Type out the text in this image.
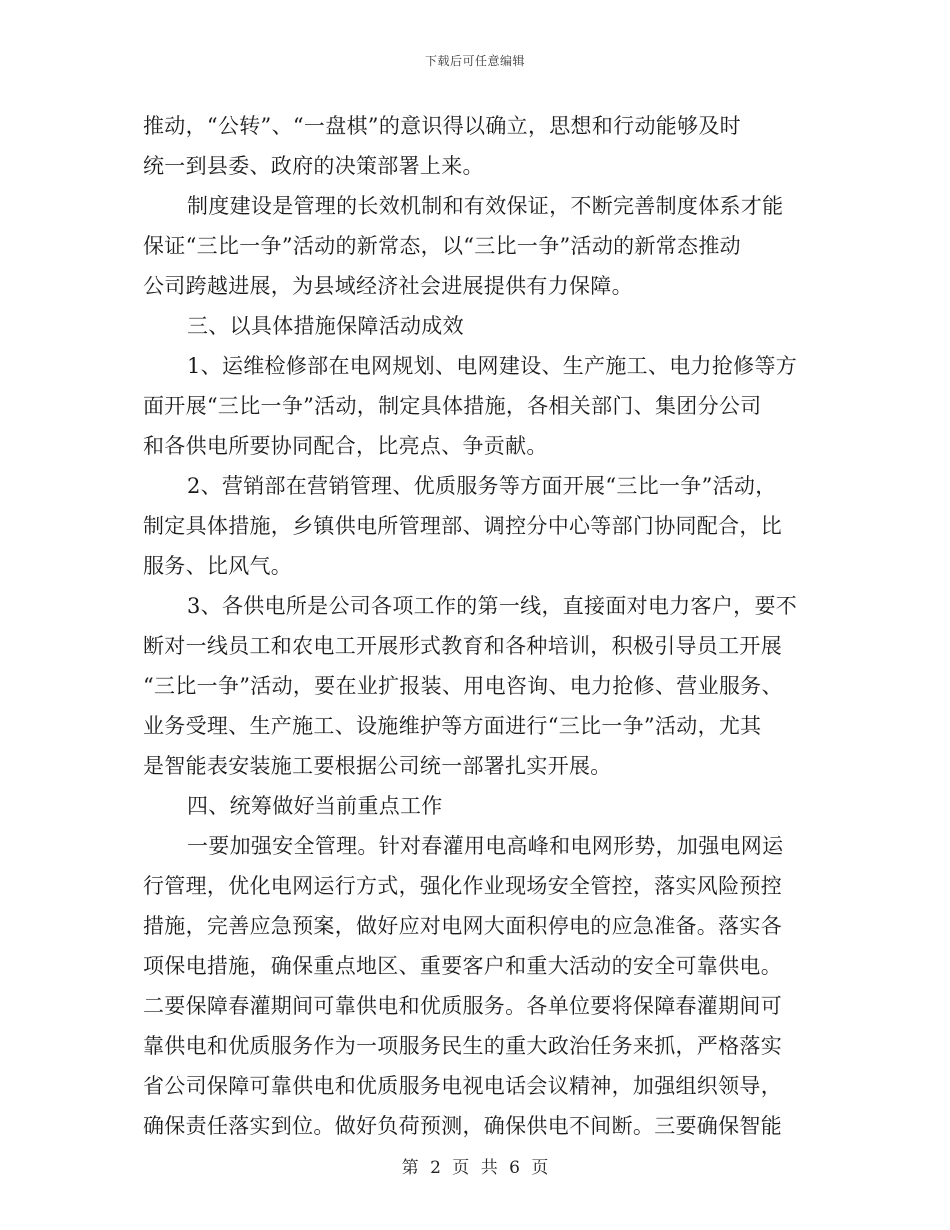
下载后可任意编辑
推动，“公转”、“一盘棋”的意识得以确立，思想和行动能够及时
统一到县委、政府的决策部署上来。
制度建设是管理的长效机制和有效保证，不断完善制度体系才能
保证“三比一争”活动的新常态，以“三比一争”活动的新常态推动
公司跨越进展，为县域经济社会进展提供有力保障。
三、以具体措施保障活动成效
1、运维检修部在电网规划、电网建设、生产施工、电力抢修等方
面开展“三比一争”活动，制定具体措施，各相关部门、集团分公司
和各供电所要协同配合，比亮点、争贡献。
2、营销部在营销管理、优质服务等方面开展“三比一争”活动，
制定具体措施，乡镇供电所管理部、调控分中心等部门协同配合，比
服务、比风气。
3、各供电所是公司各项工作的第一线，直接面对电力客户，要不
断对一线员工和农电工开展形式教育和各种培训，积极引导员工开展
“三比一争”活动，要在业扩报装、用电咨询、电力抢修、营业服务、
业务受理、生产施工、设施维护等方面进行“三比一争”活动，尤其
是智能表安装施工要根据公司统一部署扎实开展。
四、统筹做好当前重点工作
一要加强安全管理。针对春灌用电高峰和电网形势，加强电网运
行管理，优化电网运行方式，强化作业现场安全管控，落实风险预控
措施，完善应急预案，做好应对电网大面积停电的应急准备。落实各
项保电措施，确保重点地区、重要客户和重大活动的安全可靠供电。
二要保障春灌期间可靠供电和优质服务。各单位要将保障春灌期间可
靠供电和优质服务作为一项服务民生的重大政治任务来抓，严格落实
省公司保障可靠供电和优质服务电视电话会议精神，加强组织领导，
确保责任落实到位。做好负荷预测，确保供电不间断。三要确保智能
第 2 页 共 6 页
